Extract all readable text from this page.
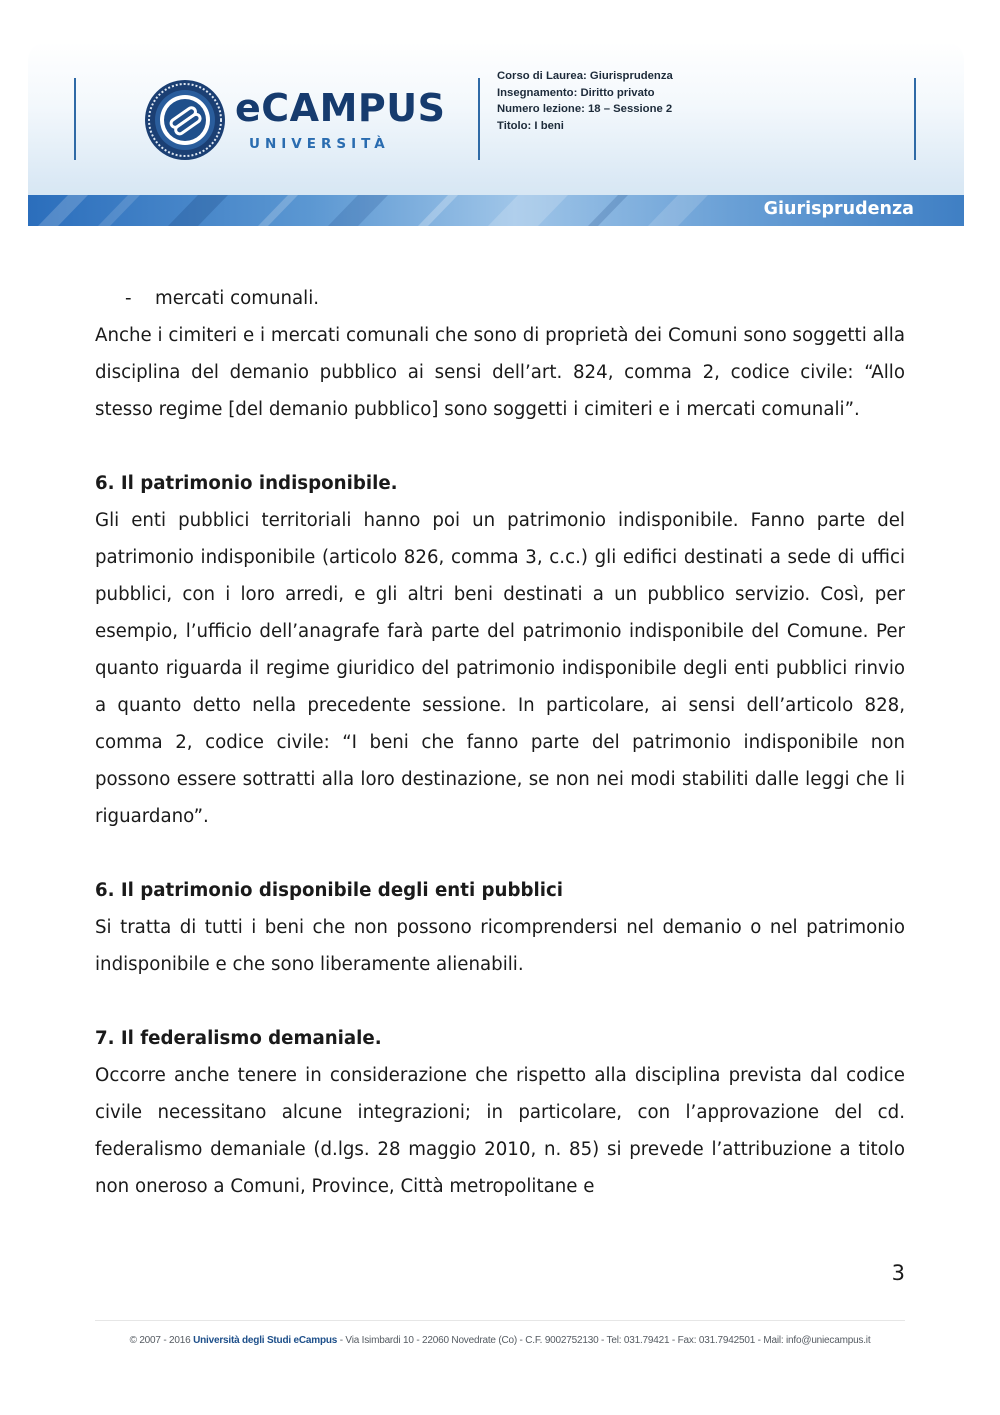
eCAMPUS
UNIVERSITÀ
Corso di Laurea: Giurisprudenza
Insegnamento: Diritto privato
Numero lezione: 18 – Sessione 2
Titolo: I beni
Giurisprudenza
- mercati comunali.

Anche i cimiteri e i mercati comunali che sono di proprietà dei Comuni sono soggetti alla disciplina del demanio pubblico ai sensi dell’art. 824, comma 2, codice civile: “Allo stesso regime [del demanio pubblico] sono soggetti i cimiteri e i mercati comunali”.

6. Il patrimonio indisponibile.

Gli enti pubblici territoriali hanno poi un patrimonio indisponibile. Fanno parte del patrimonio indisponibile (articolo 826, comma 3, c.c.) gli edifici destinati a sede di uffici pubblici, con i loro arredi, e gli altri beni destinati a un pubblico servizio. Così, per esempio, l’ufficio dell’anagrafe farà parte del patrimonio indisponibile del Comune. Per quanto riguarda il regime giuridico del patrimonio indisponibile degli enti pubblici rinvio a quanto detto nella precedente sessione. In particolare, ai sensi dell’articolo 828, comma 2, codice civile: “I beni che fanno parte del patrimonio indisponibile non possono essere sottratti alla loro destinazione, se non nei modi stabiliti dalle leggi che li riguardano”.

6. Il patrimonio disponibile degli enti pubblici

Si tratta di tutti i beni che non possono ricomprendersi nel demanio o nel patrimonio indisponibile e che sono liberamente alienabili.

7. Il federalismo demaniale.

Occorre anche tenere in considerazione che rispetto alla disciplina prevista dal codice civile necessitano alcune integrazioni; in particolare, con l’approvazione del cd. federalismo demaniale (d.lgs. 28 maggio 2010, n. 85) si prevede l’attribuzione a titolo non oneroso a Comuni, Province, Città metropolitane e

3
© 2007 - 2016 Università degli Studi eCampus - Via Isimbardi 10 - 22060 Novedrate (Co) - C.F. 9002752130 - Tel: 031.79421 - Fax: 031.7942501 - Mail: info@uniecampus.it
